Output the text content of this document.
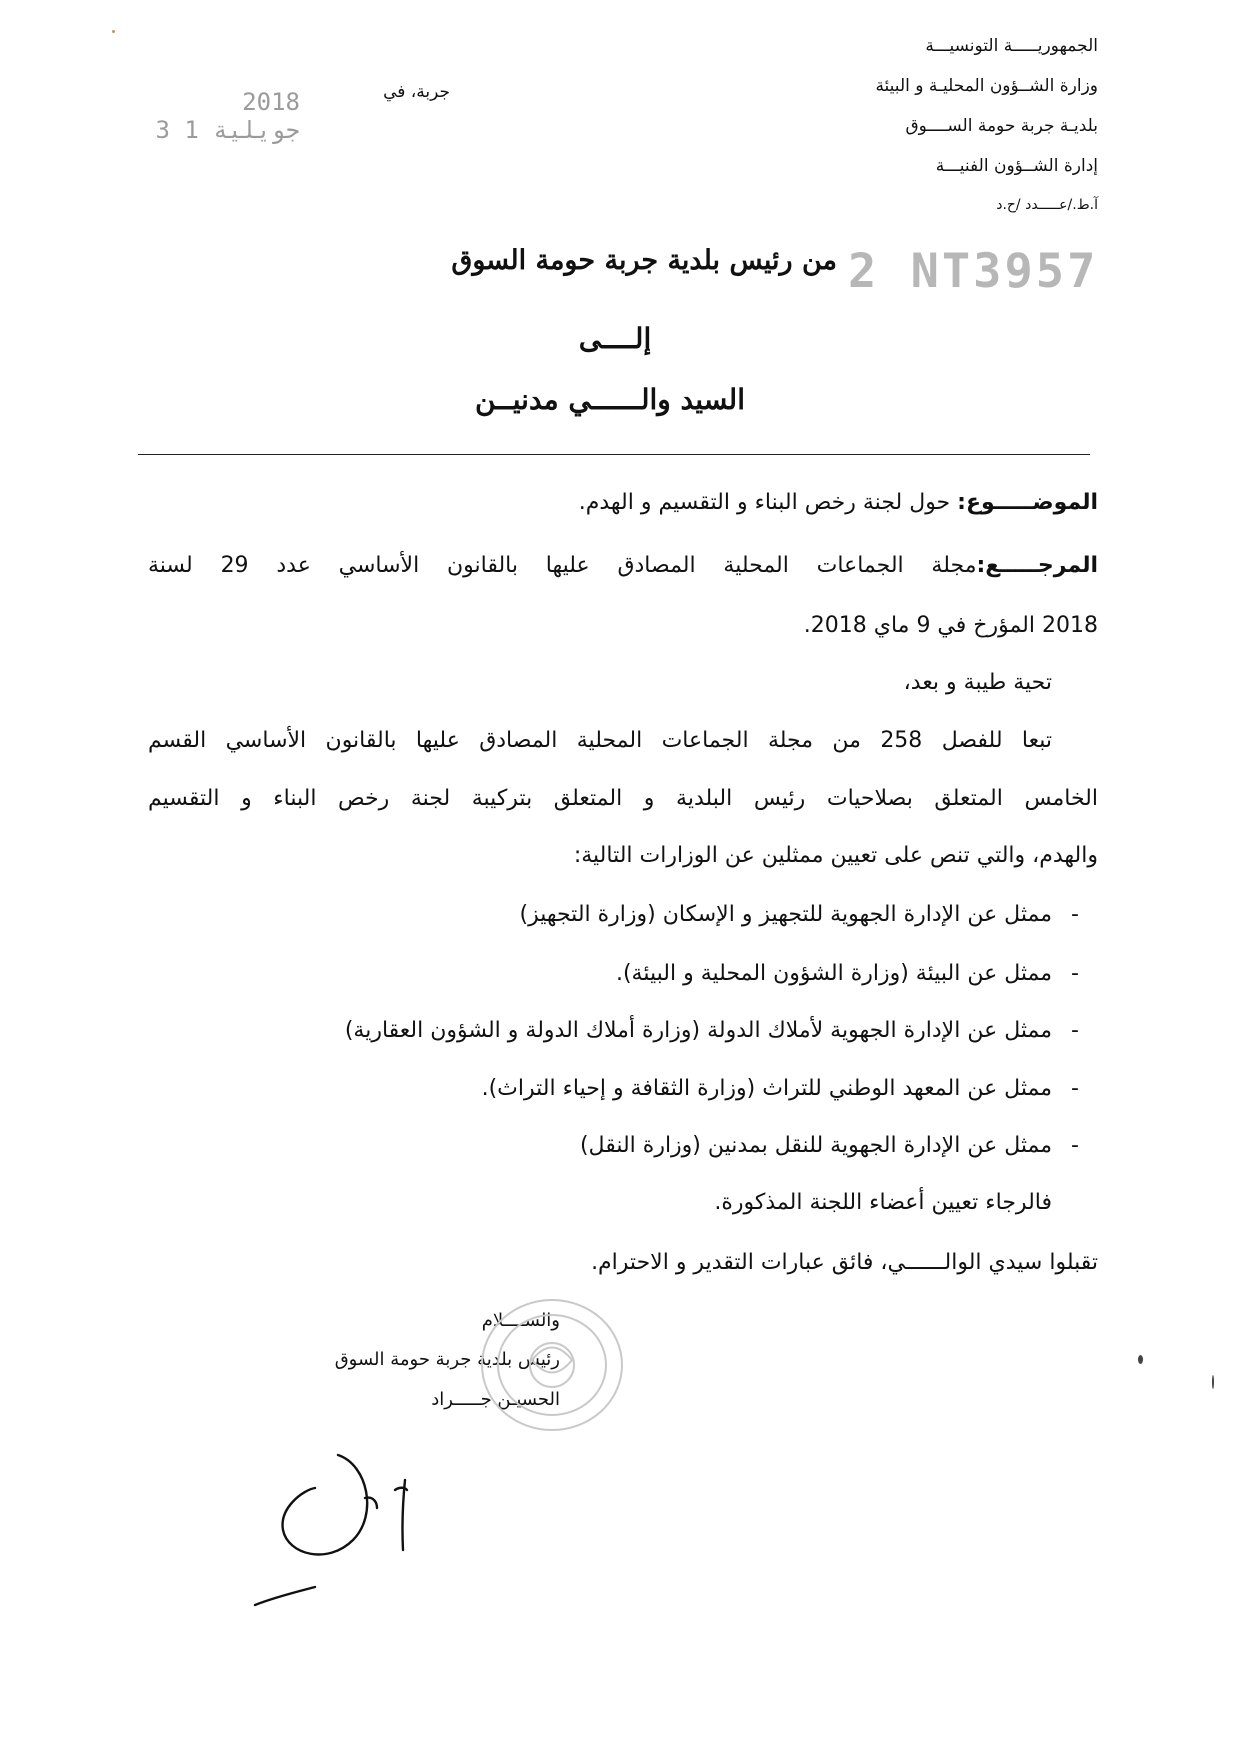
الجمهوريـــــة التونسيـــة
وزارة الشــؤون المحليـة و البيئة
بلديـة جربة حومة الســــوق
إدارة الشــؤون الفنيـــة
آ.ط./عـــــدد /ح.د
جربة، في
2018 جويلية 1 3
2 NT3957
من رئيس بلدية جربة حومة السوق
إلــــى
السيد والــــــي مدنيــن
الموضـــــوع: حول لجنة رخص البناء و التقسيم و الهدم.
المرجـــــع:مجلة الجماعات المحلية المصادق عليها بالقانون الأساسي عدد 29 لسنة
2018 المؤرخ في 9 ماي 2018.
تحية طيبة و بعد،
تبعا للفصل 258 من مجلة الجماعات المحلية المصادق عليها بالقانون الأساسي القسم
الخامس المتعلق بصلاحيات رئيس البلدية و المتعلق بتركيبة لجنة رخص البناء و التقسيم
والهدم، والتي تنص على تعيين ممثلين عن الوزارات التالية:
-ممثل عن الإدارة الجهوية للتجهيز و الإسكان (وزارة التجهيز)
-ممثل عن البيئة (وزارة الشؤون المحلية و البيئة).
-ممثل عن الإدارة الجهوية لأملاك الدولة (وزارة أملاك الدولة و الشؤون العقارية)
-ممثل عن المعهد الوطني للتراث (وزارة الثقافة و إحياء التراث).
-ممثل عن الإدارة الجهوية للنقل بمدنين (وزارة النقل)
فالرجاء تعيين أعضاء اللجنة المذكورة.
تقبلوا سيدي الوالــــــي، فائق عبارات التقدير و الاحترام.
والســــلام
رئيس بلدية جربة حومة السوق
الحسيـن جـــــراد
